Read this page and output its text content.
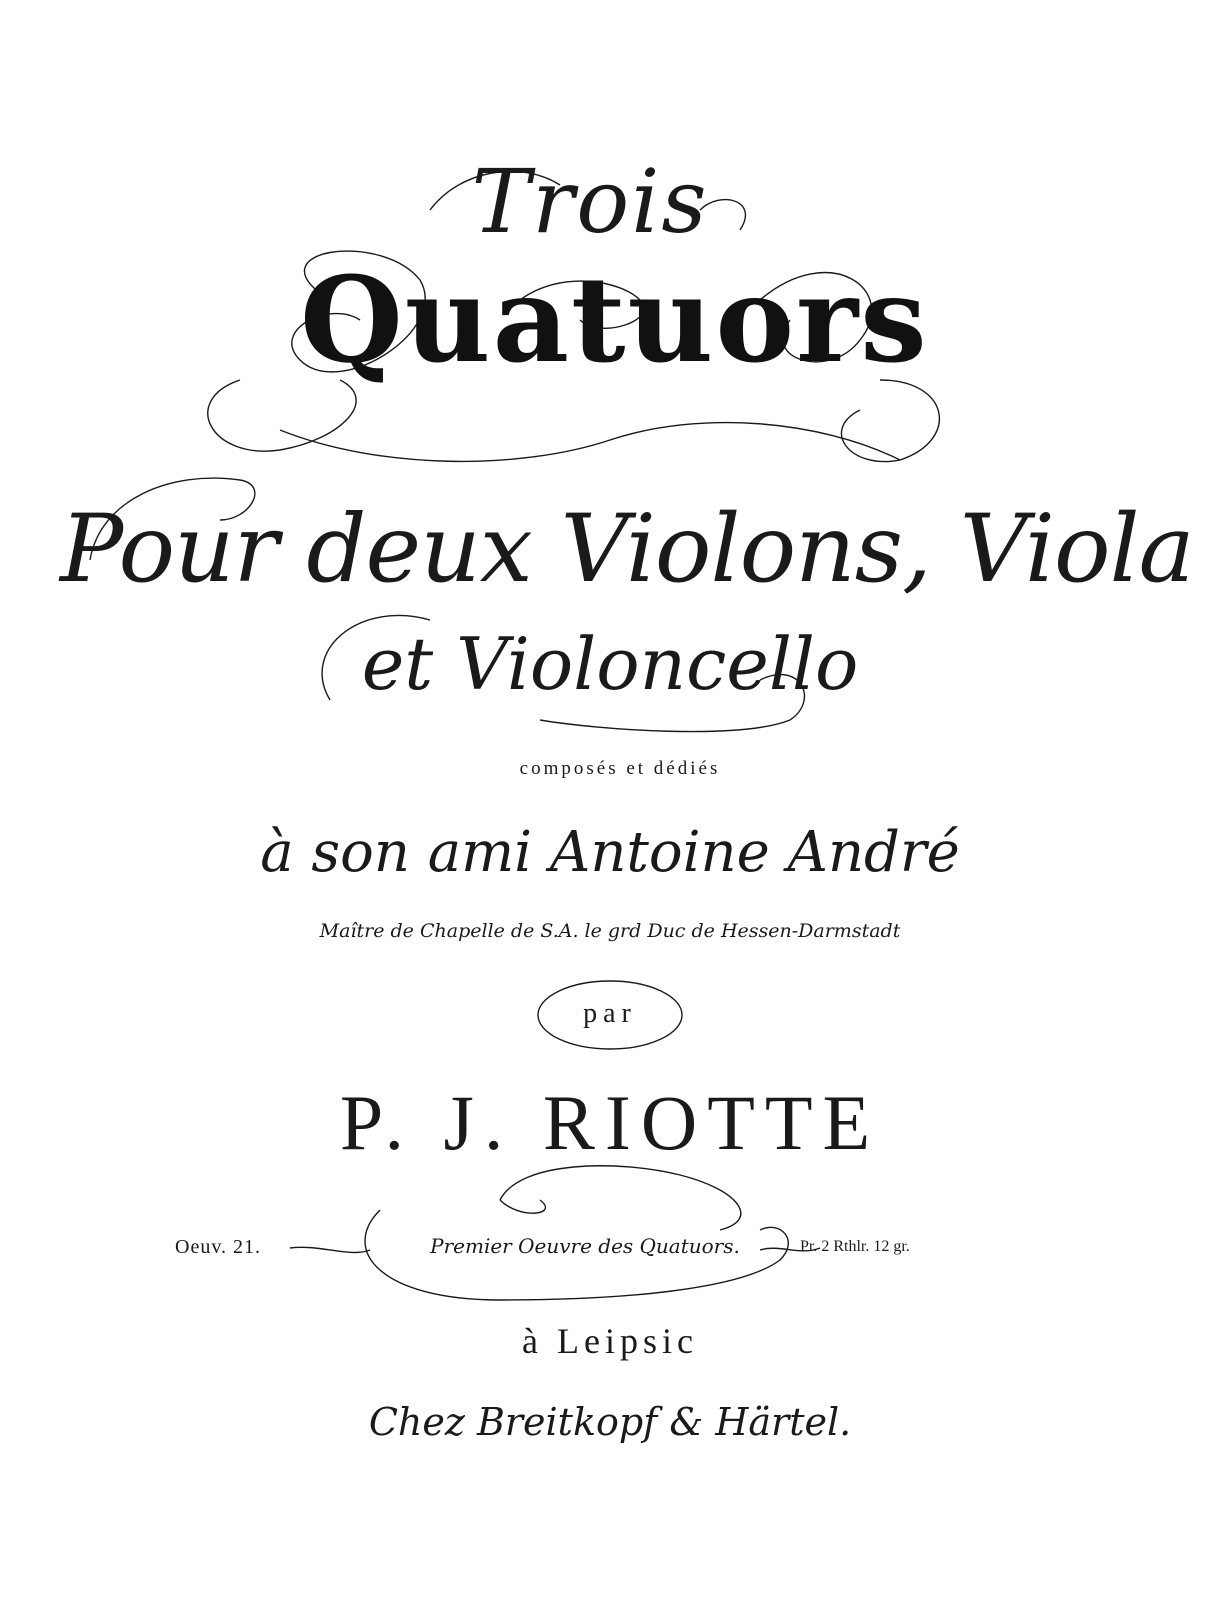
Trois
Quatuors
Pour deux Violons, Viola
et Violoncello
composés et dédiés
à son ami Antoine André
Maître de Chapelle de S.A. le grd Duc de Hessen-Darmstadt
par
P. J. RIOTTE
Oeuv. 21.	Premier Oeuvre des Quatuors.	Pr. 2 Rthlr. 12 gr.
à Leipsic
Chez Breitkopf & Härtel.
